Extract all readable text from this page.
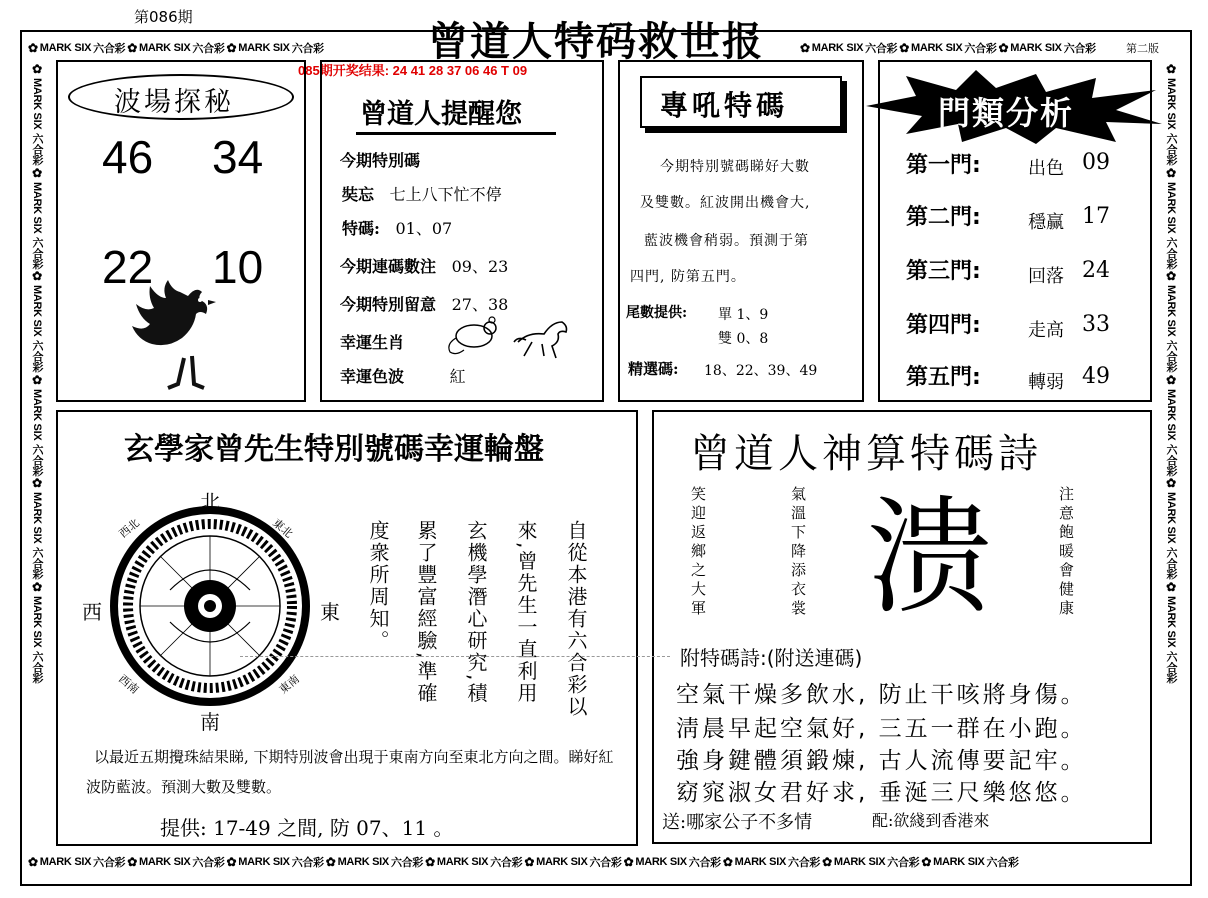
第086期
曾道人特码救世报
✿ MARK SIX 六合彩 ✿ MARK SIX 六合彩 ✿ MARK SIX 六合彩	✿ MARK SIX 六合彩 ✿ MARK SIX 六合彩 ✿ MARK SIX 六合彩	第二版
✿ MARK SIX 六合彩 ✿ MARK SIX 六合彩 ✿ MARK SIX 六合彩 ✿ MARK SIX 六合彩 ✿ MARK SIX 六合彩 ✿ MARK SIX 六合彩 ✿ MARK SIX 六合彩 ✿ MARK SIX 六合彩 ✿ MARK SIX 六合彩 ✿ MARK SIX 六合彩
✿
MARK SIX
六合彩
✿
MARK SIX
六合彩
✿
MARK SIX
六合彩
✿
MARK SIX
六合彩
✿
MARK SIX
六合彩
✿
MARK SIX
六合彩
✿
MARK SIX
六合彩
✿
MARK SIX
六合彩
✿
MARK SIX
六合彩
✿
MARK SIX
六合彩
✿
MARK SIX
六合彩
✿
MARK SIX
六合彩
085期开奖结果: 24 41 28 37 06 46 T 09
波場探秘
46 34
22 10
曾道人提醒您
今期特別碼
奘忘 七上八下忙不停
特碼: 01、07
今期連碼數注 09、23
今期特別留意 27、38
幸運生肖
幸運色波	紅
專吼特碼
今期特別號碼睇好大數
及雙數。紅波開出機會大,
藍波機會稍弱。預測于第
四門, 防第五門。
尾數提供: 單 1、9
雙 0、8
精選碼: 18、22、39、49
門類分析
第一門:	出色 09
第二門:	穩赢 17
第三門:	回落 24
第四門:	走高 33
第五門:	轉弱 49
玄學家曾先生特別號碼幸運輪盤
北
南
東
西
西北	東北
西南	東南	自從本港有六合彩以
來,曾先生一直利用
玄機學潛心研究,積
累了豐富經驗,準確
度衆所周知。
以最近五期攪珠結果睇, 下期特別波會出現于東南方向至東北方向之間。睇好紅波防藍波。預測大數及雙數。
提供: 17-49 之間, 防 07、11 。
曾道人神算特碼詩
笑迎返鄉之大軍	氣溫下降添衣裳	注意飽暖會健康
溃
附特碼詩:(附送連碼)
空氣干燥多飲水, 防止干咳將身傷。
淸晨早起空氣好, 三五一群在小跑。
強身鍵體須鍛煉, 古人流傳要記牢。
窈窕淑女君好求, 垂涎三尺樂悠悠。
送:哪家公子不多情	配:欲綫到香港來
